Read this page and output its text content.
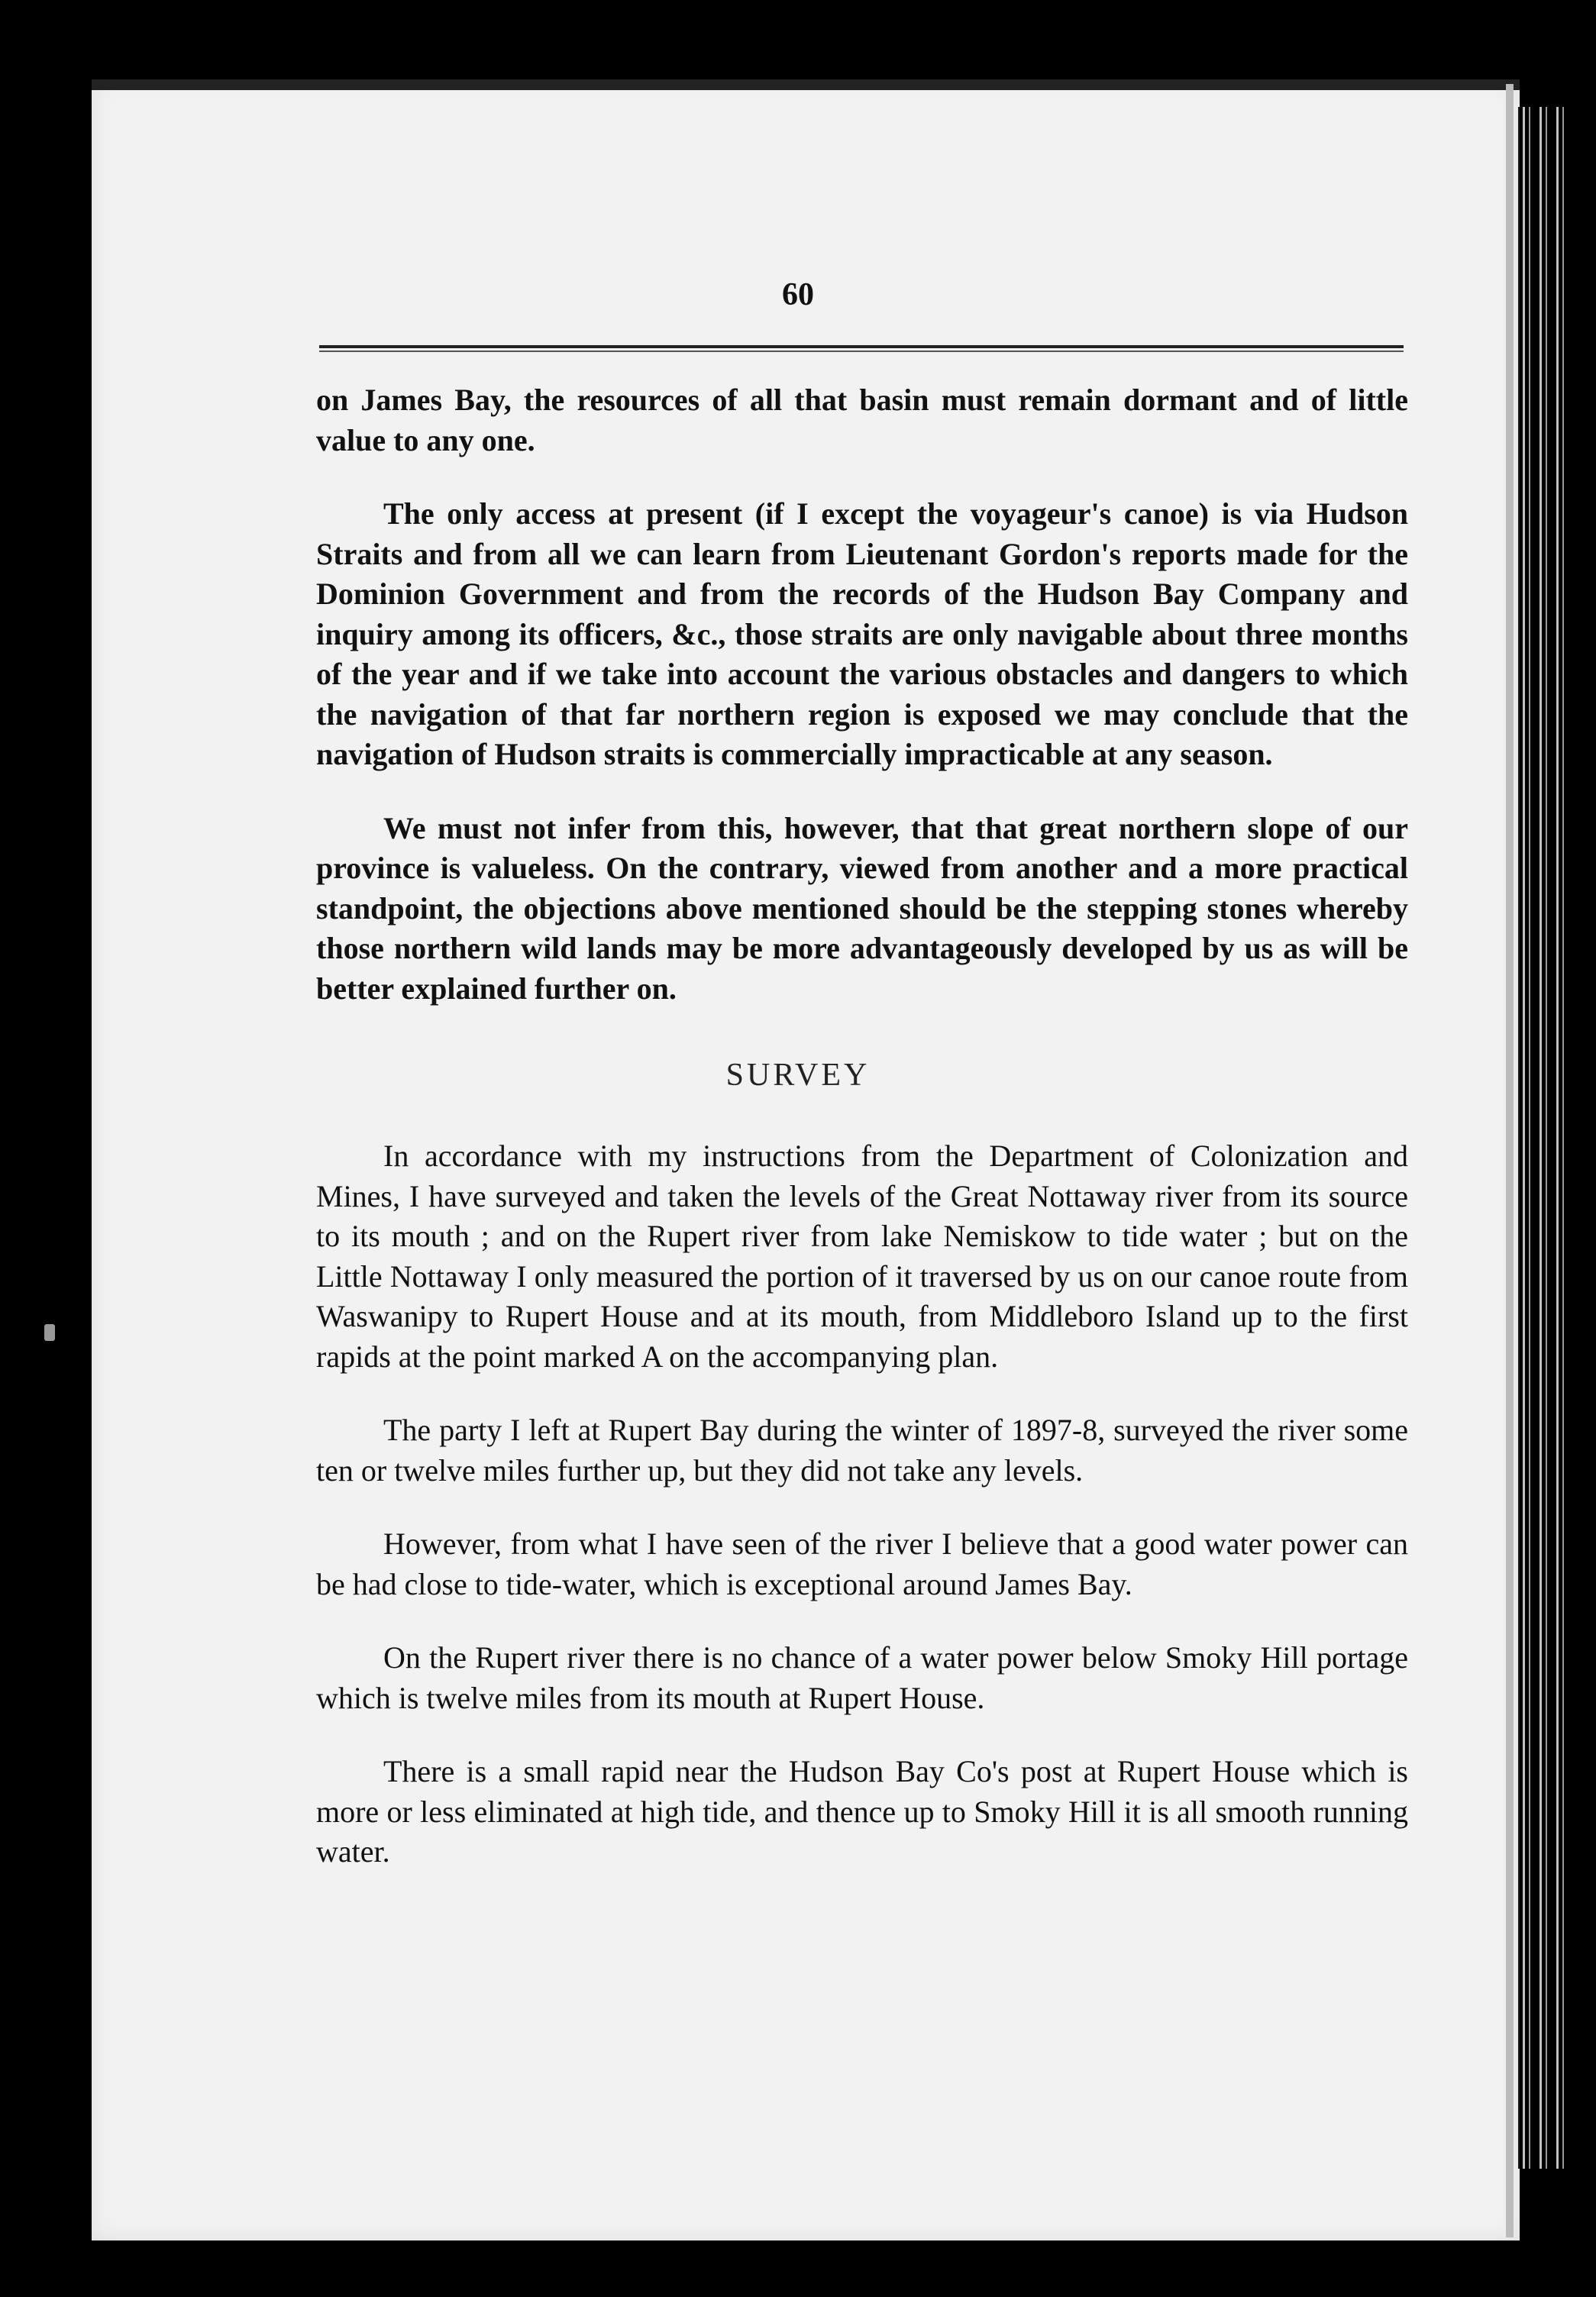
60

on James Bay, the resources of all that basin must remain dormant and of little value to any one.

The only access at present (if I except the voyageur's canoe) is via Hudson Straits and from all we can learn from Lieutenant Gordon's reports made for the Dominion Government and from the records of the Hudson Bay Company and inquiry among its officers, &c., those straits are only navigable about three months of the year and if we take into account the various obstacles and dangers to which the navigation of that far northern region is exposed we may conclude that the navigation of Hudson straits is commercially impracticable at any season.

We must not infer from this, however, that that great northern slope of our province is valueless. On the contrary, viewed from another and a more practical standpoint, the objections above mentioned should be the stepping stones whereby those northern wild lands may be more advantageously developed by us as will be better explained further on.

SURVEY

In accordance with my instructions from the Department of Colonization and Mines, I have surveyed and taken the levels of the Great Nottaway river from its source to its mouth ; and on the Rupert river from lake Nemiskow to tide water ; but on the Little Nottaway I only measured the portion of it traversed by us on our canoe route from Waswanipy to Rupert House and at its mouth, from Middleboro Island up to the first rapids at the point marked A on the accompanying plan.

The party I left at Rupert Bay during the winter of 1897-8, surveyed the river some ten or twelve miles further up, but they did not take any levels.

However, from what I have seen of the river I believe that a good water power can be had close to tide-water, which is exceptional around James Bay.

On the Rupert river there is no chance of a water power below Smoky Hill portage which is twelve miles from its mouth at Rupert House.

There is a small rapid near the Hudson Bay Co's post at Rupert House which is more or less eliminated at high tide, and thence up to Smoky Hill it is all smooth running water.
